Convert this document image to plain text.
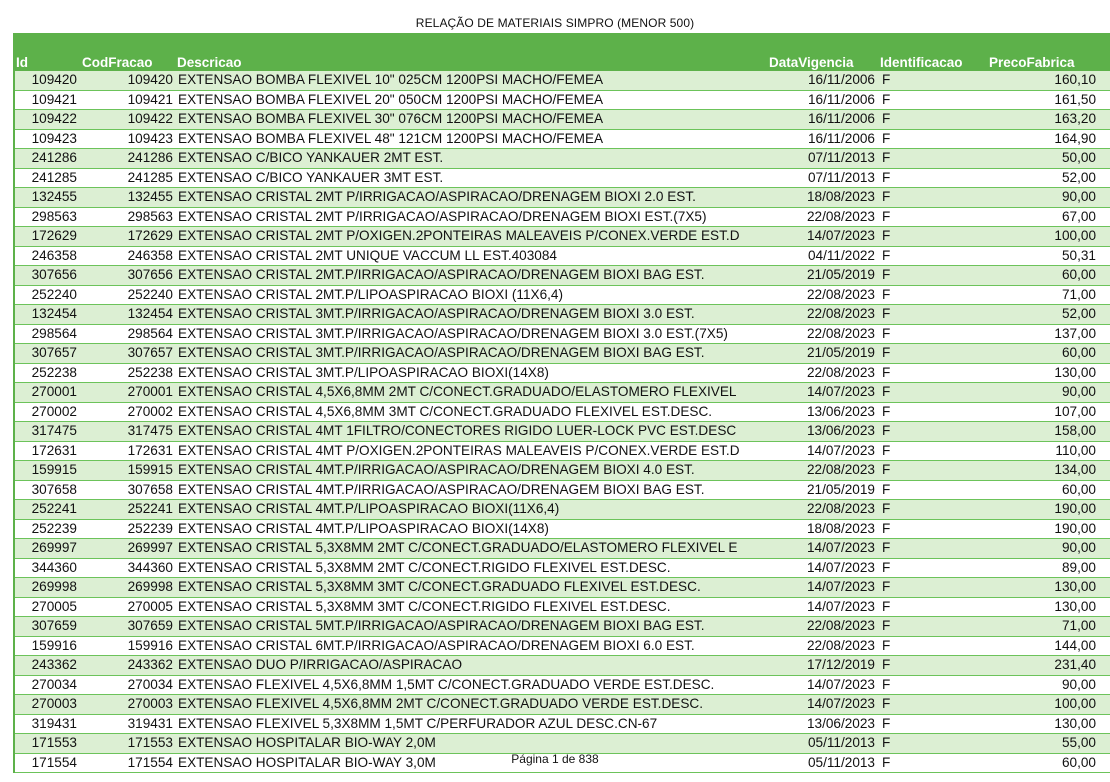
RELAÇÃO DE MATERIAIS SIMPRO (MENOR 500)
Id	CodFracao Descricao	DataVigencia Identificacao PrecoFabrica
109420	109420 EXTENSAO BOMBA FLEXIVEL 10" 025CM 1200PSI MACHO/FEMEA	16/11/2006 F	160,10
109421	109421 EXTENSAO BOMBA FLEXIVEL 20" 050CM 1200PSI MACHO/FEMEA	16/11/2006 F	161,50
109422	109422 EXTENSAO BOMBA FLEXIVEL 30" 076CM 1200PSI MACHO/FEMEA	16/11/2006 F	163,20
109423	109423 EXTENSAO BOMBA FLEXIVEL 48" 121CM 1200PSI MACHO/FEMEA	16/11/2006 F	164,90
241286	241286 EXTENSAO C/BICO YANKAUER 2MT EST.	07/11/2013 F	50,00
241285	241285 EXTENSAO C/BICO YANKAUER 3MT EST.	07/11/2013 F	52,00
132455	132455 EXTENSAO CRISTAL 2MT P/IRRIGACAO/ASPIRACAO/DRENAGEM BIOXI 2.0 EST.	18/08/2023 F	90,00
298563	298563 EXTENSAO CRISTAL 2MT P/IRRIGACAO/ASPIRACAO/DRENAGEM BIOXI EST.(7X5)	22/08/2023 F	67,00
172629	172629 EXTENSAO CRISTAL 2MT P/OXIGEN.2PONTEIRAS MALEAVEIS P/CONEX.VERDE EST.D	14/07/2023 F	100,00
246358	246358 EXTENSAO CRISTAL 2MT UNIQUE VACCUM LL EST.403084	04/11/2022 F	50,31
307656	307656 EXTENSAO CRISTAL 2MT.P/IRRIGACAO/ASPIRACAO/DRENAGEM BIOXI BAG EST.	21/05/2019 F	60,00
252240	252240 EXTENSAO CRISTAL 2MT.P/LIPOASPIRACAO BIOXI (11X6,4)	22/08/2023 F	71,00
132454	132454 EXTENSAO CRISTAL 3MT.P/IRRIGACAO/ASPIRACAO/DRENAGEM BIOXI 3.0 EST.	22/08/2023 F	52,00
298564	298564 EXTENSAO CRISTAL 3MT.P/IRRIGACAO/ASPIRACAO/DRENAGEM BIOXI 3.0 EST.(7X5)	22/08/2023 F	137,00
307657	307657 EXTENSAO CRISTAL 3MT.P/IRRIGACAO/ASPIRACAO/DRENAGEM BIOXI BAG EST.	21/05/2019 F	60,00
252238	252238 EXTENSAO CRISTAL 3MT.P/LIPOASPIRACAO BIOXI(14X8)	22/08/2023 F	130,00
270001	270001 EXTENSAO CRISTAL 4,5X6,8MM 2MT C/CONECT.GRADUADO/ELASTOMERO FLEXIVEL	14/07/2023 F	90,00
270002	270002 EXTENSAO CRISTAL 4,5X6,8MM 3MT C/CONECT.GRADUADO FLEXIVEL EST.DESC.	13/06/2023 F	107,00
317475	317475 EXTENSAO CRISTAL 4MT 1FILTRO/CONECTORES RIGIDO LUER-LOCK PVC EST.DESC	13/06/2023 F	158,00
172631	172631 EXTENSAO CRISTAL 4MT P/OXIGEN.2PONTEIRAS MALEAVEIS P/CONEX.VERDE EST.D	14/07/2023 F	110,00
159915	159915 EXTENSAO CRISTAL 4MT.P/IRRIGACAO/ASPIRACAO/DRENAGEM BIOXI 4.0 EST.	22/08/2023 F	134,00
307658	307658 EXTENSAO CRISTAL 4MT.P/IRRIGACAO/ASPIRACAO/DRENAGEM BIOXI BAG EST.	21/05/2019 F	60,00
252241	252241 EXTENSAO CRISTAL 4MT.P/LIPOASPIRACAO BIOXI(11X6,4)	22/08/2023 F	190,00
252239	252239 EXTENSAO CRISTAL 4MT.P/LIPOASPIRACAO BIOXI(14X8)	18/08/2023 F	190,00
269997	269997 EXTENSAO CRISTAL 5,3X8MM 2MT C/CONECT.GRADUADO/ELASTOMERO FLEXIVEL E	14/07/2023 F	90,00
344360	344360 EXTENSAO CRISTAL 5,3X8MM 2MT C/CONECT.RIGIDO FLEXIVEL EST.DESC.	14/07/2023 F	89,00
269998	269998 EXTENSAO CRISTAL 5,3X8MM 3MT C/CONECT.GRADUADO FLEXIVEL EST.DESC.	14/07/2023 F	130,00
270005	270005 EXTENSAO CRISTAL 5,3X8MM 3MT C/CONECT.RIGIDO FLEXIVEL EST.DESC.	14/07/2023 F	130,00
307659	307659 EXTENSAO CRISTAL 5MT.P/IRRIGACAO/ASPIRACAO/DRENAGEM BIOXI BAG EST.	22/08/2023 F	71,00
159916	159916 EXTENSAO CRISTAL 6MT.P/IRRIGACAO/ASPIRACAO/DRENAGEM BIOXI 6.0 EST.	22/08/2023 F	144,00
243362	243362 EXTENSAO DUO P/IRRIGACAO/ASPIRACAO	17/12/2019 F	231,40
270034	270034 EXTENSAO FLEXIVEL 4,5X6,8MM 1,5MT C/CONECT.GRADUADO VERDE EST.DESC.	14/07/2023 F	90,00
270003	270003 EXTENSAO FLEXIVEL 4,5X6,8MM 2MT C/CONECT.GRADUADO VERDE EST.DESC.	14/07/2023 F	100,00
319431	319431 EXTENSAO FLEXIVEL 5,3X8MM 1,5MT C/PERFURADOR AZUL DESC.CN-67	13/06/2023 F	130,00
171553	171553 EXTENSAO HOSPITALAR BIO-WAY 2,0M	05/11/2013 F	55,00
171554	171554 EXTENSAO HOSPITALAR BIO-WAY 3,0M	05/11/2013 F	60,00
Página 1 de 838
